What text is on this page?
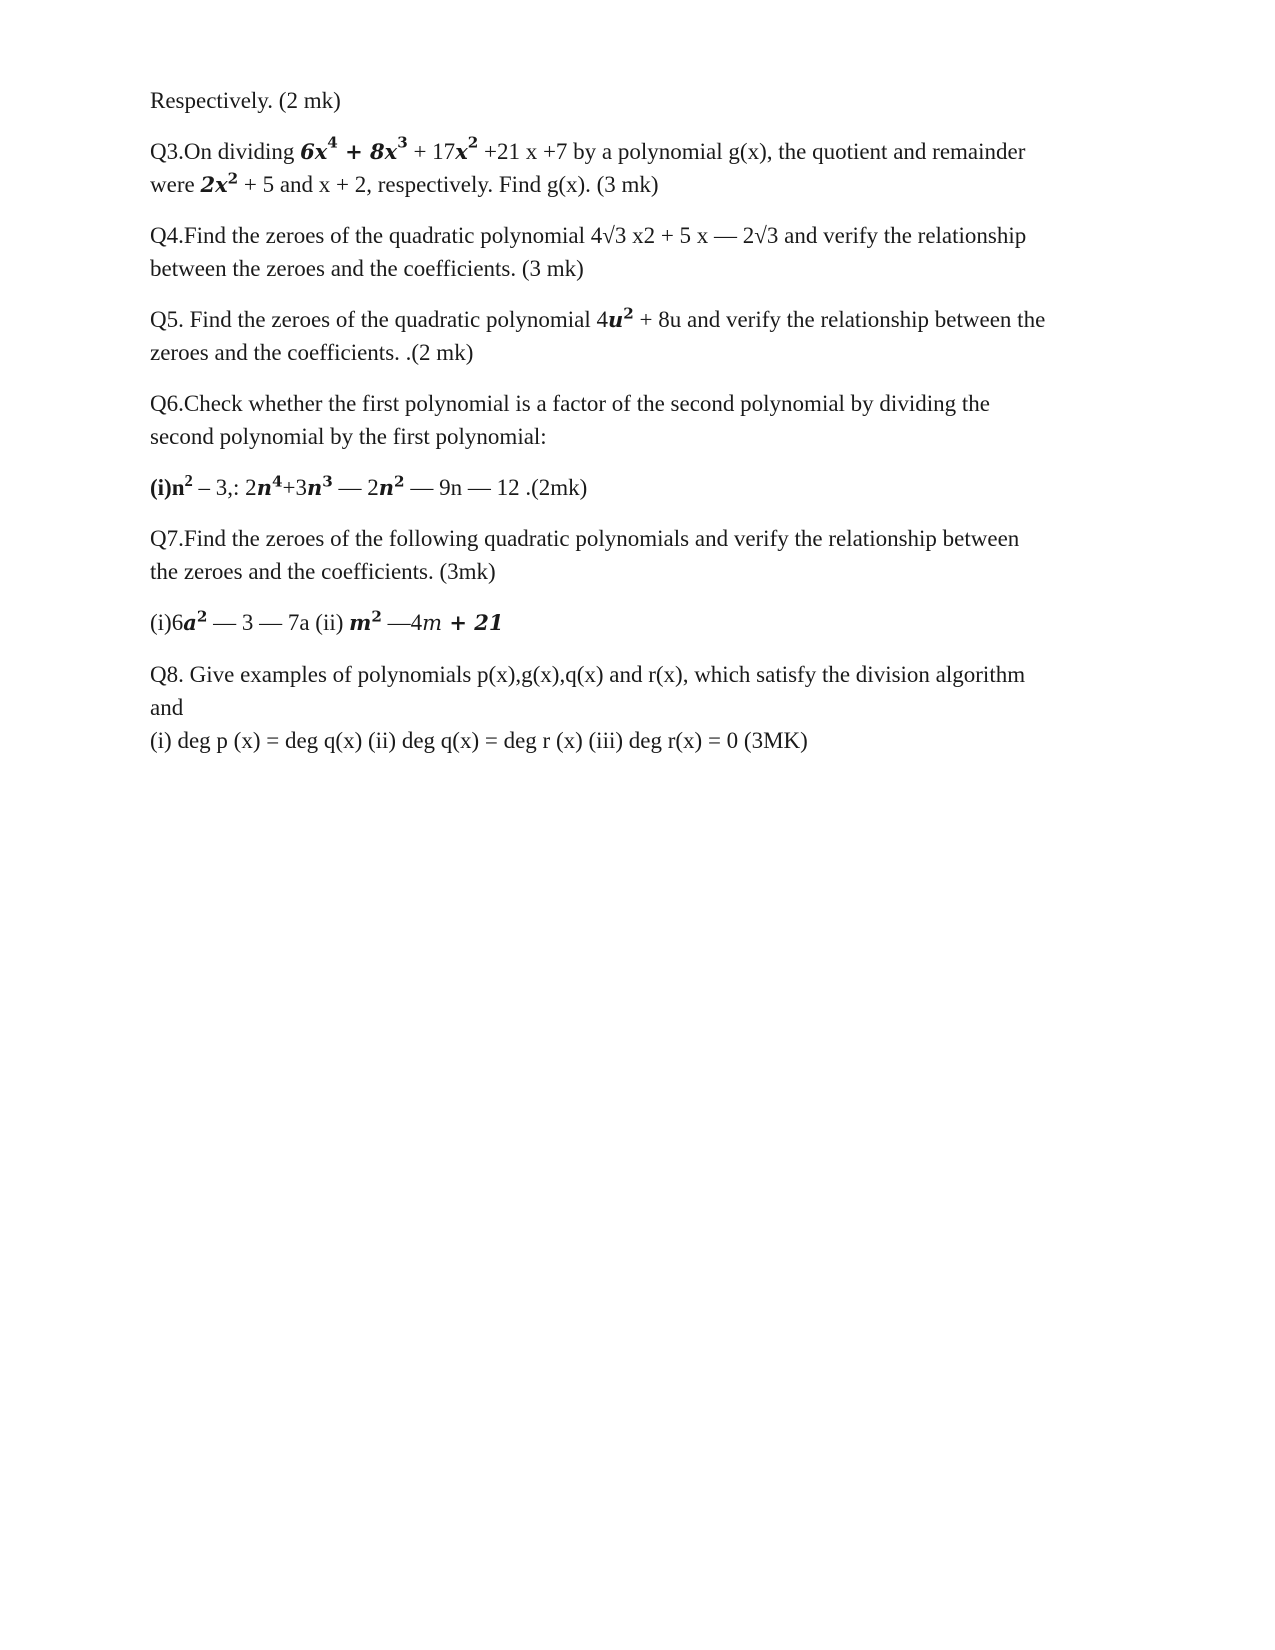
Respectively. (2 mk)

Q3.On dividing $6x^4 + 8x^3 + 17x^2 +21$ x +7 by a polynomial g(x), the quotient and remainder
were $2x^2 + 5$ and x + 2, respectively. Find g(x). (3 mk)

Q4.Find the zeroes of the quadratic polynomial 4√3 x2 + 5 x — 2√3 and verify the relationship
between the zeroes and the coefficients. (3 mk)

Q5. Find the zeroes of the quadratic polynomial $4u^2 + 8u$ and verify the relationship between the
zeroes and the coefficients. .(2 mk)

Q6.Check whether the first polynomial is a factor of the second polynomial by dividing the
second polynomial by the first polynomial:

$(i)n^2 - 3$,: $2n^4+3n^3$ — $2n^2$ — 9n — 12 .(2mk)

Q7.Find the zeroes of the following quadratic polynomials and verify the relationship between
the zeroes and the coefficients. (3mk)

$(i)6a^2$ — 3 — 7a (ii) $m^2$ —4m + 21

Q8. Give examples of polynomials p(x),g(x),q(x) and r(x), which satisfy the division algorithm
and
(i) deg p (x) = deg q(x) (ii) deg q(x) = deg r (x) (iii) deg r(x) = 0 (3MK)
